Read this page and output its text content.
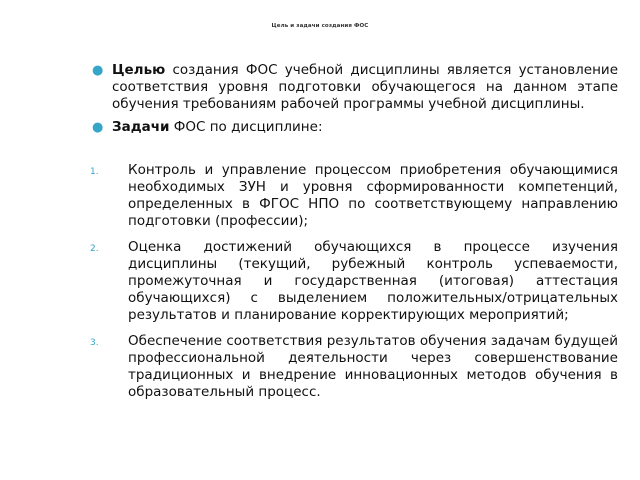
Цель и задачи создания ФОС
● Целью создания ФОС учебной дисциплины является установление соответствия уровня подготовки обучающегося на данном этапе обучения требованиям рабочей программы учебной дисциплины.
● Задачи ФОС по дисциплине:
1. Контроль и управление процессом приобретения обучающимися необходимых ЗУН и уровня сформированности компетенций, определенных в ФГОС НПО по соответствующему направлению подготовки (профессии);
2. Оценка достижений обучающихся в процессе изучения дисциплины (текущий, рубежный контроль успеваемости, промежуточная и государственная (итоговая) аттестация обучающихся) с выделением положительных/отрицательных результатов и планирование корректирующих мероприятий;
3. Обеспечение соответствия результатов обучения задачам будущей профессиональной деятельности через совершенствование традиционных и внедрение инновационных методов обучения в образовательный процесс.
